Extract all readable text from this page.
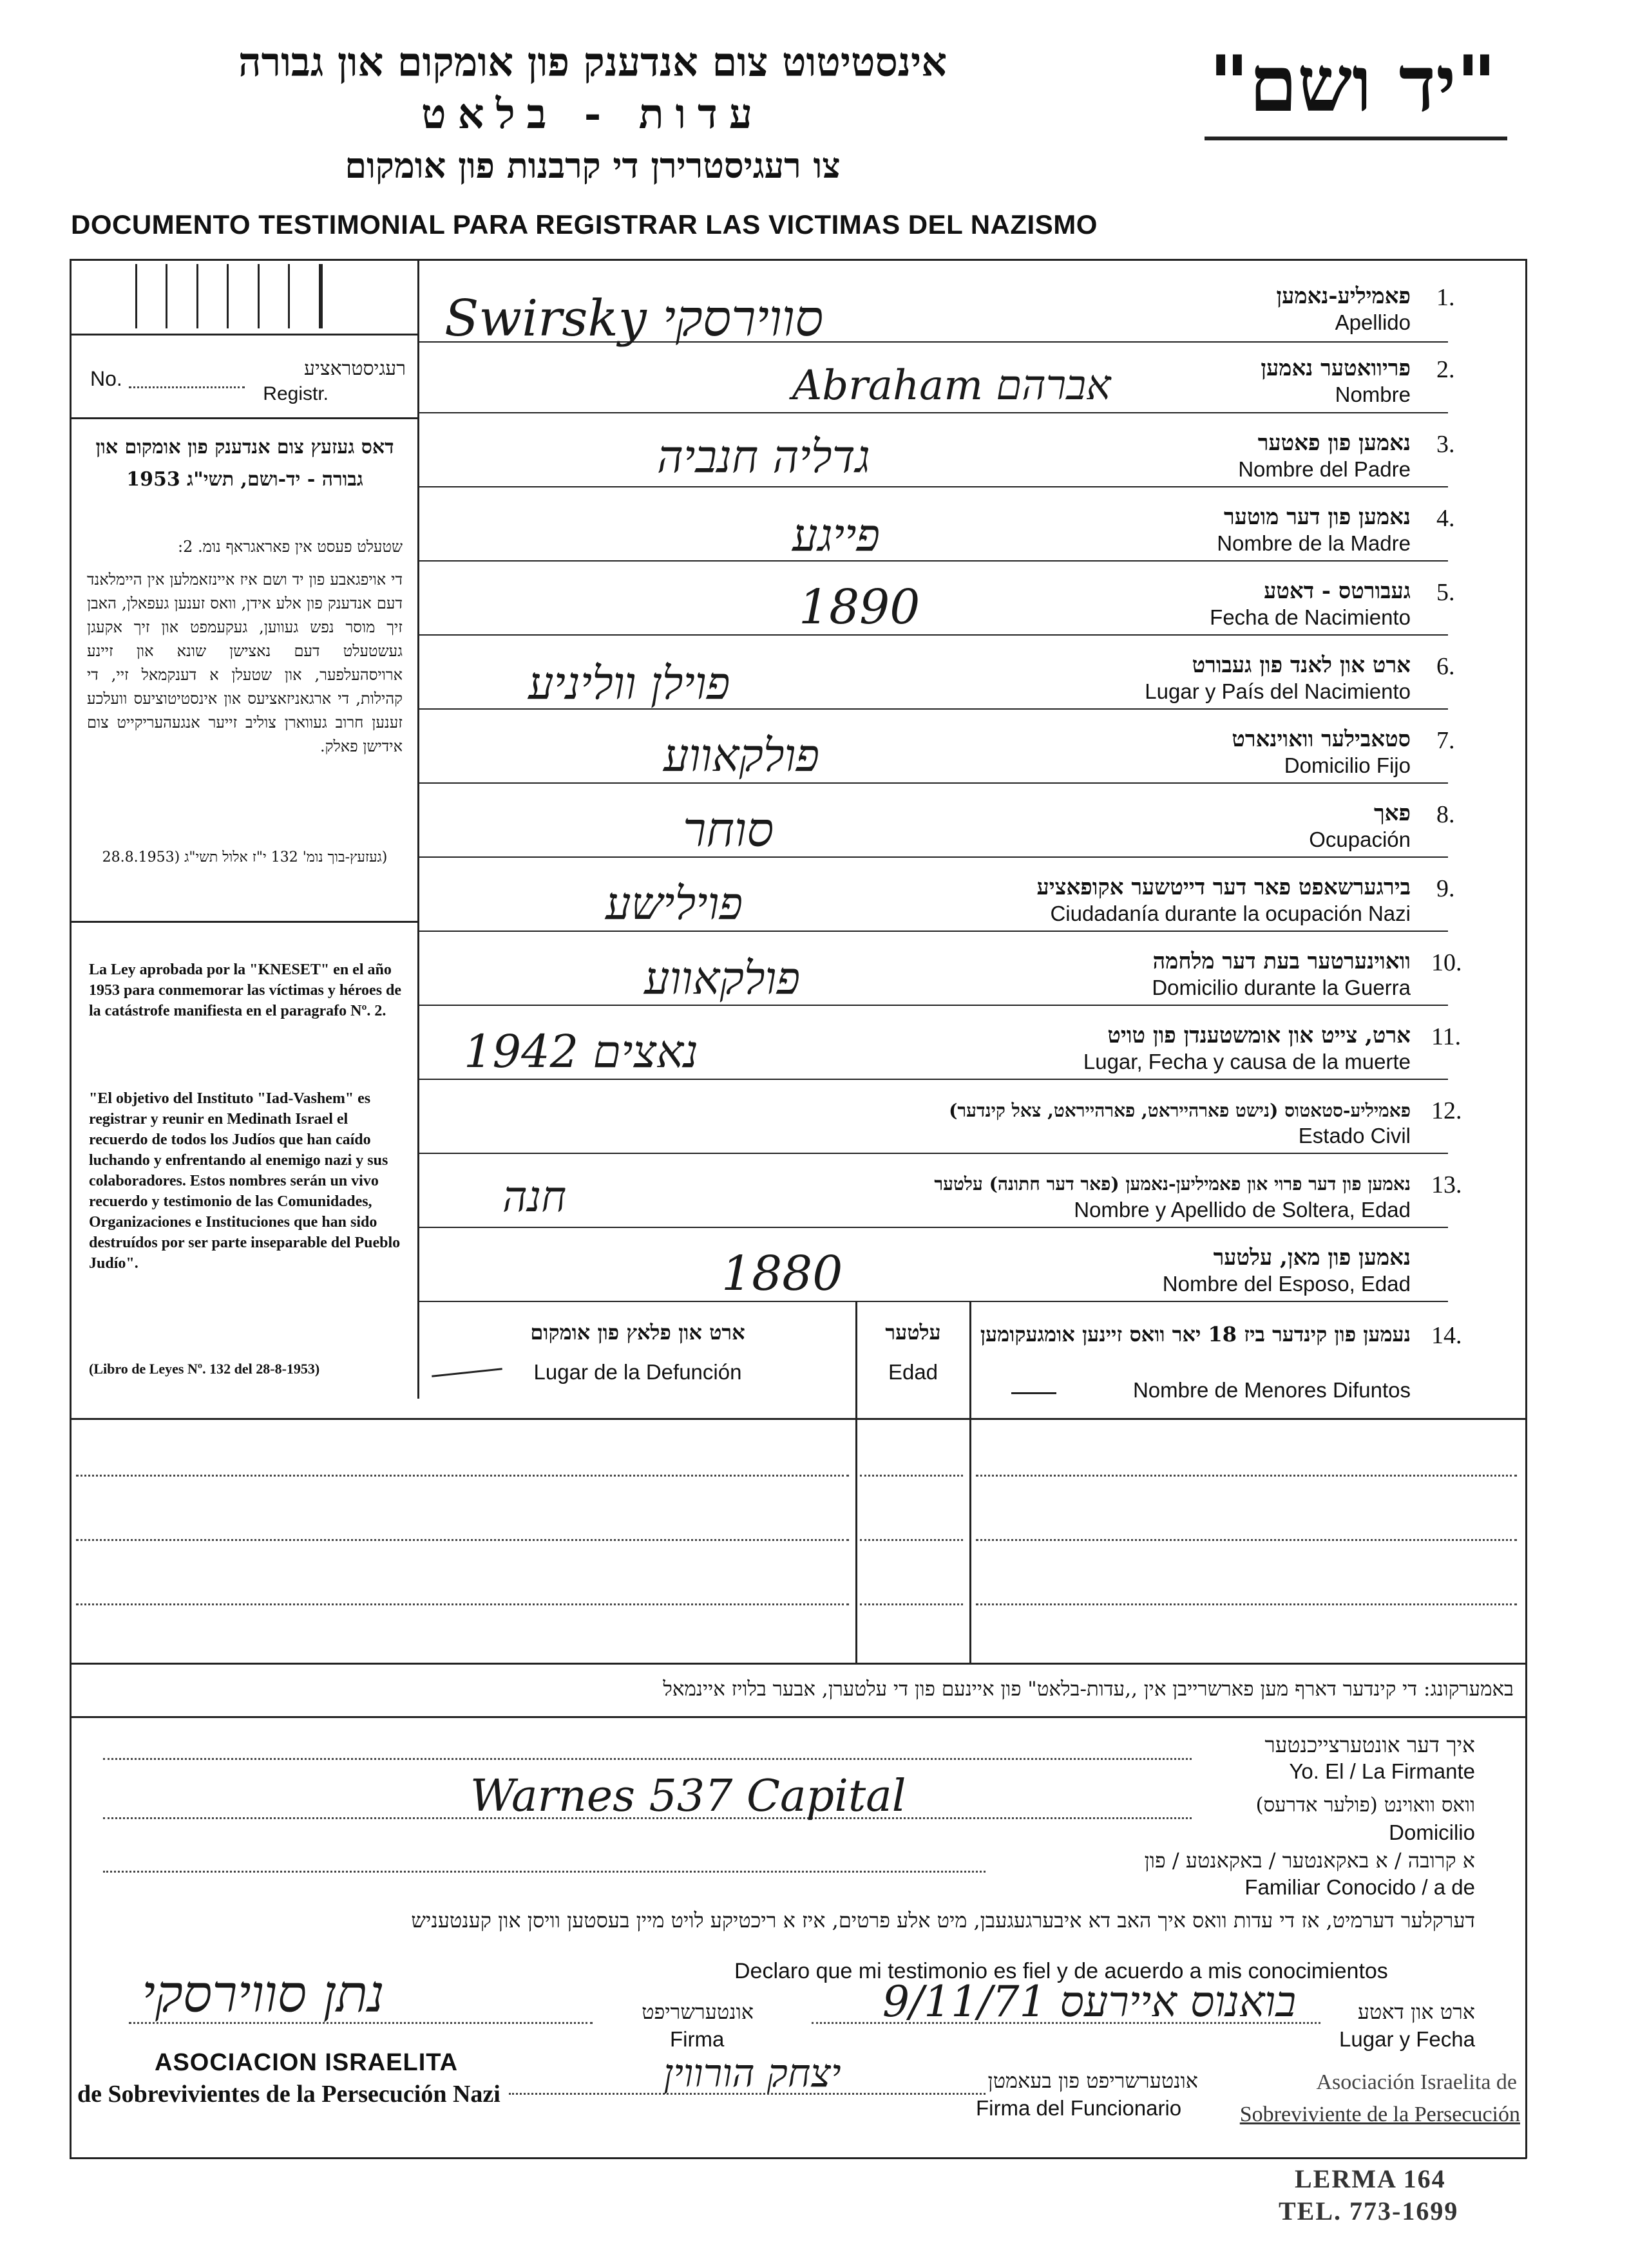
אינסטיטוט צום אנדענק פון אומקום און גבורה
עדות - בלאט
צו רעגיסטרירן די קרבנות פון אומקום
"יד ושם"
DOCUMENTO TESTIMONIAL PARA REGISTRAR LAS VICTIMAS DEL NAZISMO
No.	רעגיסטראציע
Registr.
דאס געזעץ צום אנדענק פון אומקום און גבורה - יד-ושם, תשי"ג 1953
שטעלט פעסט אין פאראגראף נומ. 2:
די אויפגאבע פון יד ושם איז איינזאמלען אין היימלאנד דעם אנדענק פון אלע אידן, וואס זענען געפאלן, האבן זיך מוסר נפש געווען, געקעמפט און זיך אקעגן געשטעלט דעם נאצישן שונא און זיינע ארויסהעלפער, און שטעלן א דענקמאל זיי, די קהילות, די ארגאניזאציעס און אינסטיטוציעס וועלכע זענען חרוב געווארן צוליב זייער אנגעהעריקייט צום אידישן פאלק.
(געזעץ-בוך נומ' 132 י"ז אלול תשי"ג (28.8.1953
La Ley aprobada por la "KNESET" en el año 1953 para conmemorar las víctimas y héroes de la catástrofe manifiesta en el paragrafo Nº. 2.
"El objetivo del Instituto "Iad-Vashem" es registrar y reunir en Medinath Israel el recuerdo de todos los Judíos que han caído luchando y enfrentando al enemigo nazi y sus colaboradores. Estos nombres serán un vivo recuerdo y testimonio de las Comunidades, Organizaciones e Instituciones que han sido destruídos por ser parte inseparable del Pueblo Judío".
(Libro de Leyes Nº. 132 del 28-8-1953)
1.
פאמיליע-נאמען
Apellido
Swirsky סווירסקי
2.
פריוואטער נאמען
Nombre
Abraham אברהם
3.
נאמען פון פאטער
Nombre del Padre
גדליה חנביה
4.
נאמען פון דער מוטער
Nombre de la Madre
פייגע
5.
געבורטס - דאטע
Fecha de Nacimiento
1890
6.
ארט און לאנד פון געבורט
Lugar y País del Nacimiento
פוילן ווליניע
7.
סטאבילער וואוינארט
Domicilio Fijo
פולקאווע
8.
פאך
Ocupación
סוחר
9.
בירגערשאפט פאר דער דייטשער אקופאציע
Ciudadanía durante la ocupación Nazi
פוילישע
10.
וואוינערטער בעת דער מלחמה
Domicilio durante la Guerra
פולקאווע
11.
ארט, צייט און אומשטענדן פון טויט
Lugar, Fecha y causa de la muerte
1942 נאצים
12.
פאמיליע-סטאטוס (נישט פארהייראט, פארהייראט, צאל קינדער)
Estado Civil
13.
נאמען פון דער פרוי און פאמיליען-נאמען (פאר דער חתונה) עלטער
Nombre y Apellido de Soltera, Edad
חנה
נאמען פון מאן, עלטער
Nombre del Esposo, Edad
1880
14.
נעמען פון קינדער ביז 18 יאר וואס זיינען אומגעקומען
Nombre de Menores Difuntos
עלטער
Edad
ארט און פלאץ פון אומקום
Lugar de la Defunción
באמערקונג: די קינדער דארף מען פארשרייבן אין ,,עדות-בלאט" פון איינעם פון די עלטערן, אבער בלויז איינמאל
איך דער אונטערצייכנטער
Yo. El / La Firmante
וואס וואוינט (פולער אדרעס)
Domicilio
Warnes 537 Capital
א קרובה / א באקאנטער / באקאנטע / פון
Familiar Conocido / a de
דערקלער דערמיט, אז די עדות וואס איך האב דא איבערגעגעבן, מיט אלע פרטים, איז א ריכטיקע לויט מיין בעסטען וויסן און קענטעניש
Declaro que mi testimonio es fiel y de acuerdo a mis conocimientos
ארט און דאטע
Lugar y Fecha
9/11/71 בואנוס איירעס
אונטערשריפט
Firma
נתן סווירסקי
אונטערשריפט פון בעאמטן
Firma del Funcionario
יצחק הורווין
ASOCIACION ISRAELITA
de Sobrevivientes de la Persecución Nazi	Asociación Israelita de
Sobreviviente de la Persecución
LERMA 164
TEL. 773-1699
